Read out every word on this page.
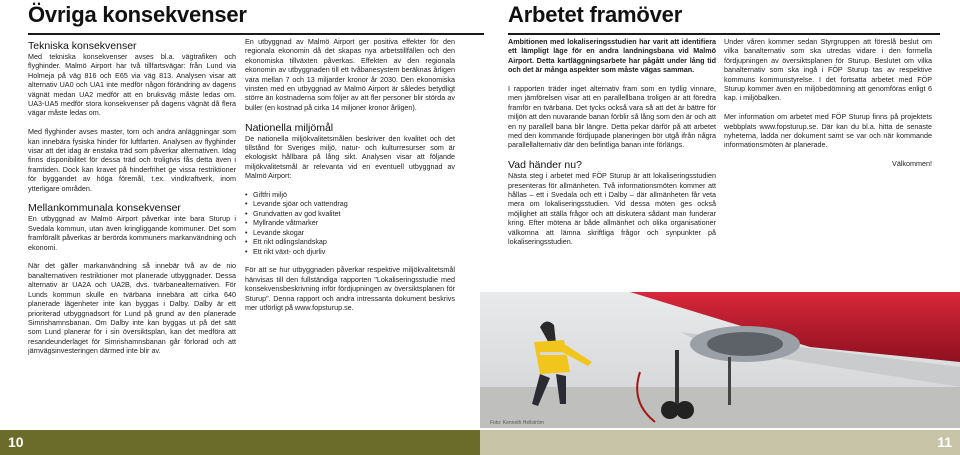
Övriga konsekvenser	Arbetet framöver

Tekniska konsekvenser

Med tekniska konsekvenser avses bl.a. vägtrafiken och flyghinder. Malmö Airport har två tillfartsvägar: från Lund via Holmeja på väg 816 och E65 via väg 813. Analysen visar att alternativ UA0 och UA1 inte medför någon förändring av dagens vägnät medan UA2 medför att en bruksväg måste ledas om. UA3-UA5 medför stora konsekvenser på dagens vägnät då flera vägar måste ledas om.

Med flyghinder avses master, torn och andra anläggningar som kan innebära fysiska hinder för luftfarten. Analysen av flyghinder visar att det idag är enstaka träd som påverkar alternativen. Idag finns disponibilitet för dessa träd och troligtvis fås detta även i framtiden. Dock kan kravet på hinderfrihet ge vissa restriktioner för byggandet av höga föremål, t.ex. vindkraftverk, inom ytterligare områden.

Mellankommunala konsekvenser

En utbyggnad av Malmö Airport påverkar inte bara Sturup i Svedala kommun, utan även kringliggande kommuner. Det som framförallt påverkas är berörda kommuners markanvändning och ekonomi.

När det gäller markanvändning så innebär två av de nio banalternativen restriktioner mot planerade utbyggnader. Dessa alternativ är UA2A och UA2B, dvs. tvärbanealternativen. För Lunds kommun skulle en tvärbana innebära att cirka 640 planerade lägenheter inte kan byggas i Dalby. Dalby är ett prioriterad utbyggnadsort för Lund på grund av den planerade Simrishamnsbanan. Om Dalby inte kan byggas ut på det sätt som Lund planerar för i sin översiktsplan, kan det medföra att resandeunderlaget för Simrishamnsbanan går förlorad och att järnvägsinvesteringen därmed inte blir av.

En utbyggnad av Malmö Airport ger positiva effekter för den regionala ekonomin då det skapas nya arbetstillfällen och den ekonomiska tillväxten påverkas. Effekten av den regionala ekonomin av utbyggnaden till ett tvåbanesystem beräknas årligen vara mellan 7 och 13 miljarder kronor år 2030. Den ekonomiska vinsten med en utbyggnad av Malmö Airport är således betydligt större än kostnaderna som följer av att fler personer blir störda av buller (en kostnad på cirka 14 miljoner kronor årligen).

Nationella miljömål

De nationella miljökvalitetsmålen beskriver den kvalitet och det tillstånd för Sveriges miljö, natur- och kulturresurser som är ekologiskt hållbara på lång sikt. Analysen visar att följande miljökvalitetsmål är relevanta vid en eventuell utbyggnad av Malmö Airport:

• Giftfri miljö
• Levande sjöar och vattendrag
• Grundvatten av god kvalitet
• Myllrande våtmarker
• Levande skogar
• Ett rikt odlingslandskap
• Ett rikt växt- och djurliv

För att se hur utbyggnaden påverkar respektive miljökvalitetsmål hänvisas till den fullständiga rapporten "Lokaliseringsstudie med konsekvensbeskrivning inför fördjupningen av översiktsplanen för Sturup". Denna rapport och andra intressanta dokument beskrivs mer utförligt på www.fopsturup.se.

Ambitionen med lokaliseringsstudien har varit att identifiera ett lämpligt läge för en andra landningsbana vid Malmö Airport. Detta kartläggningsarbete har pågått under lång tid och det är många aspekter som måste vägas samman.

I rapporten träder inget alternativ fram som en tydlig vinnare, men jämförelsen visar att en parallellbana troligen är att föredra framför en tvärbana. Det tycks också vara så att det är bättre för miljön att den nuvarande banan förblir så lång som den är och att en ny parallell bana blir längre. Detta pekar därför på att arbetet med den kommande fördjupade planeringen bör utgå ifrån några parallellalternativ där den befintliga banan inte förlängs.

Vad händer nu?

Nästa steg i arbetet med FÖP Sturup är att lokaliseringsstudien presenteras för allmänheten. Två informationsmöten kommer att hållas – ett i Svedala och ett i Dalby – där allmänheten får veta mera om lokaliseringsstudien. Vid dessa möten ges också möjlighet att ställa frågor och att diskutera sådant man funderar kring. Efter mötena är både allmänhet och olika organisationer välkomna att lämna skriftliga frågor och synpunkter på lokaliseringsstudien.

Under våren kommer sedan Styrgruppen att föreslå beslut om vilka banalternativ som ska utredas vidare i den formella fördjupningen av översiktsplanen för Sturup. Beslutet om vilka banalternativ som ska ingå i FÖP Sturup tas av respektive kommuns kommunstyrelse. I det fortsatta arbetet med FÖP Sturup kommer även en miljöbedömning att genomföras enligt 6 kap. i miljöbalken.

Mer information om arbetet med FÖP Sturup finns på projektets webbplats www.fopsturup.se. Där kan du bl.a. hitta de senaste nyheterna, ladda ner dokument samt se var och när kommande informationsmöten är planerade.

Välkommen!

Foto: Kenneth Hellström
10	11
